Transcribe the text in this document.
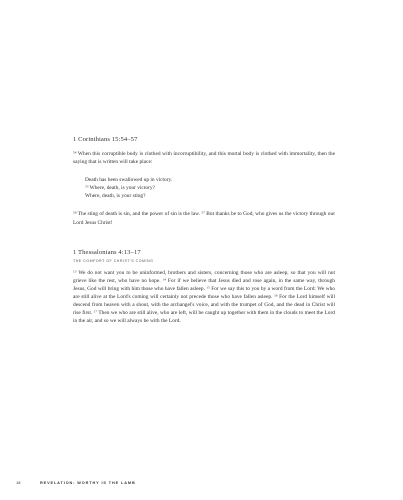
1 Corinthians 15:54–57

$^{54}$ When this corruptible body is clothed with incorruptibility, and this mortal body is clothed with immortality, then the saying that is written will take place:

Death has been swallowed up in victory.
$^{55}$ Where, death, is your victory?
Where, death, is your sting?

$^{56}$ The sting of death is sin, and the power of sin is the law. $^{57}$ But thanks be to God, who gives us the victory through our Lord Jesus Christ!

1 Thessalonians 4:13–17
THE COMFORT OF CHRIST'S COMING

$^{13}$ We do not want you to be uninformed, brothers and sisters, concerning those who are asleep, so that you will not grieve like the rest, who have no hope. $^{14}$ For if we believe that Jesus died and rose again, in the same way, through Jesus, God will bring with him those who have fallen asleep. $^{15}$ For we say this to you by a word from the Lord: We who are still alive at the Lord's coming will certainly not precede those who have fallen asleep. $^{16}$ For the Lord himself will descend from heaven with a shout, with the archangel's voice, and with the trumpet of God, and the dead in Christ will rise first. $^{17}$ Then we who are still alive, who are left, will be caught up together with them in the clouds to meet the Lord in the air, and so we will always be with the Lord.

18	REVELATION: WORTHY IS THE LAMB
